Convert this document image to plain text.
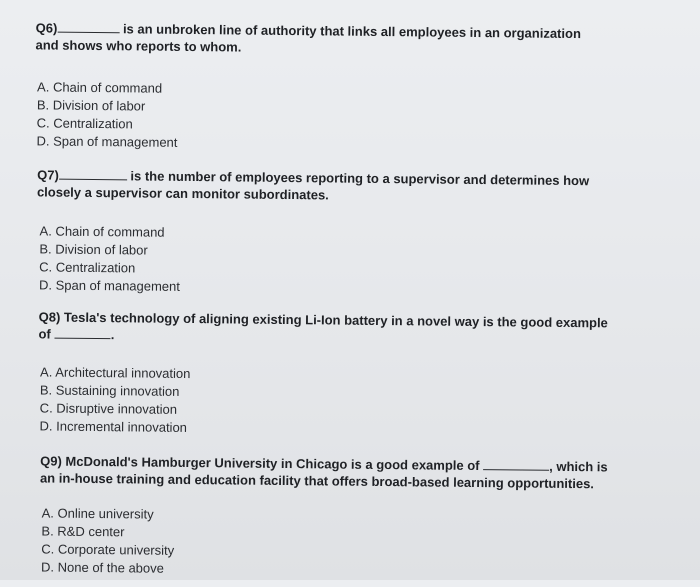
Q6)	is an unbroken line of authority that links all employees in an organization
and shows who reports to whom.
A. Chain of command
B. Division of labor
C. Centralization
D. Span of management
Q7)	is the number of employees reporting to a supervisor and determines how
closely a supervisor can monitor subordinates.
A. Chain of command
B. Division of labor
C. Centralization
D. Span of management
Q8) Tesla's technology of aligning existing Li-Ion battery in a novel way is the good example
of	.
A. Architectural innovation
B. Sustaining innovation
C. Disruptive innovation
D. Incremental innovation
Q9) McDonald's Hamburger University in Chicago is a good example of	, which is
an in-house training and education facility that offers broad-based learning opportunities.
A. Online university
B. R&D center
C. Corporate university
D. None of the above
